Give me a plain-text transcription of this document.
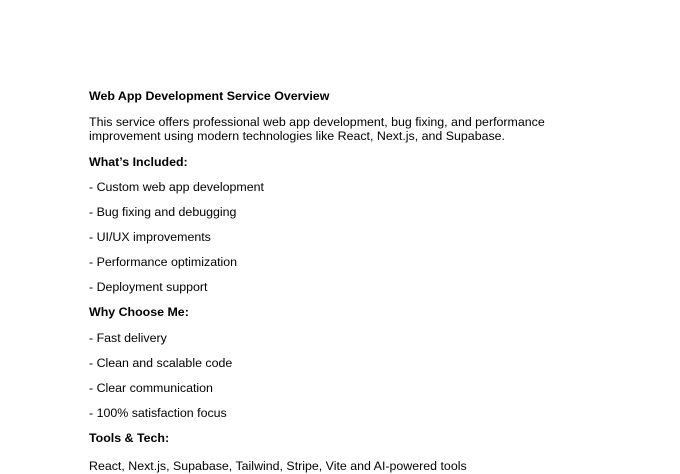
Web App Development Service Overview
This service offers professional web app development, bug fixing, and performance improvement using modern technologies like React, Next.js, and Supabase.
What’s Included:
- Custom web app development
- Bug fixing and debugging
- UI/UX improvements
- Performance optimization
- Deployment support
Why Choose Me:
- Fast delivery
- Clean and scalable code
- Clear communication
- 100% satisfaction focus
Tools & Tech:
React, Next.js, Supabase, Tailwind, Stripe, Vite and AI-powered tools
